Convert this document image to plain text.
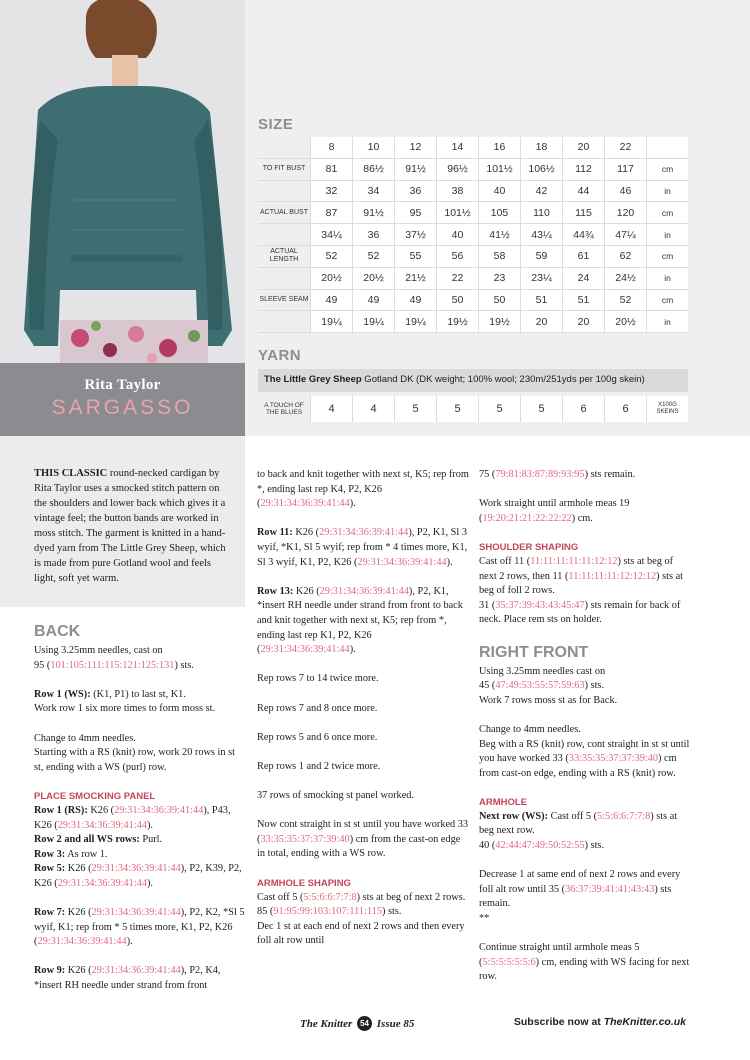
Rita Taylor
SARGASSO
SIZE
8	10	12	14	16	18	20	22
TO FIT BUST	81	86½	91½	96½	101½	106½	112	117	cm
32	34	36	38	40	42	44	46	in
ACTUAL BUST	87	91½	95	101½	105	110	115	120	cm
34¼	36	37½	40	41½	43¼	44¾	47¼	in
ACTUAL LENGTH	52	52	55	56	58	59	61	62	cm
20½	20½	21½	22	23	23¼	24	24½	in
SLEEVE SEAM	49	49	49	50	50	51	51	52	cm
19¼	19¼	19¼	19½	19½	20	20	20½	in
YARN
The Little Grey Sheep Gotland DK (DK weight; 100% wool; 230m/251yds per 100g skein)
A TOUCH OF THE BLUES	4	4	5	5	5	5	6	6	X100G SKEINS
THIS CLASSIC round-necked cardigan by Rita Taylor uses a smocked stitch pattern on the shoulders and lower back which gives it a vintage feel; the button bands are worked in moss stitch. The garment is knitted in a hand-dyed yarn from The Little Grey Sheep, which is made from pure Gotland wool and feels light, soft yet warm.
BACK

Using 3.25mm needles, cast on
95 (101:105:111:115:121:125:131) sts.

Row 1 (WS): (K1, P1) to last st, K1.
Work row 1 six more times to form moss st.

Change to 4mm needles.
Starting with a RS (knit) row, work 20 rows in st st, ending with a WS (purl) row.

PLACE SMOCKING PANEL

Row 1 (RS): K26 (29:31:34:36:39:41:44), P43, K26 (29:31:34:36:39:41:44).

Row 2 and all WS rows: Purl.

Row 3: As row 1.

Row 5: K26 (29:31:34:36:39:41:44), P2, K39, P2, K26 (29:31:34:36:39:41:44).

Row 7: K26 (29:31:34:36:39:41:44), P2, K2, *Sl 5 wyif, K1; rep from * 5 times more, K1, P2, K26 (29:31:34:36:39:41:44).

Row 9: K26 (29:31:34:36:39:41:44), P2, K4, *insert RH needle under strand from front

to back and knit together with next st, K5; rep from *, ending last rep K4, P2, K26 (29:31:34:36:39:41:44).

Row 11: K26 (29:31:34:36:39:41:44), P2, K1, Sl 3 wyif, *K1, Sl 5 wyif; rep from * 4 times more, K1, Sl 3 wyif, K1, P2, K26 (29:31:34:36:39:41:44).

Row 13: K26 (29:31:34:36:39:41:44), P2, K1, *insert RH needle under strand from front to back and knit together with next st, K5; rep from *, ending last rep K1, P2, K26 (29:31:34:36:39:41:44).

Rep rows 7 to 14 twice more.

Rep rows 7 and 8 once more.

Rep rows 5 and 6 once more.

Rep rows 1 and 2 twice more.

37 rows of smocking st panel worked.

Now cont straight in st st until you have worked 33 (33:35:35:37:37:39:40) cm from the cast-on edge in total, ending with a WS row.

ARMHOLE SHAPING

Cast off 5 (5:5:6:6:7:7:8) sts at beg of next 2 rows.

85 (91:95:99:103:107:111:115) sts.

Dec 1 st at each end of next 2 rows and then every foll alt row until

75 (79:81:83:87:89:93:95) sts remain.

Work straight until armhole meas 19 (19:20:21:21:22:22:22) cm.

SHOULDER SHAPING

Cast off 11 (11:11:11:11:11:12:12) sts at beg of next 2 rows, then 11 (11:11:11:11:12:12:12) sts at beg of foll 2 rows.

31 (35:37:39:43:43:45:47) sts remain for back of neck. Place rem sts on holder.

RIGHT FRONT

Using 3.25mm needles cast on
45 (47:49:53:55:57:59:63) sts.
Work 7 rows moss st as for Back.

Change to 4mm needles.
Beg with a RS (knit) row, cont straight in st st until you have worked 33 (33:35:35:37:37:39:40) cm from cast-on edge, ending with a RS (knit) row.

ARMHOLE

Next row (WS): Cast off 5 (5:5:6:6:7:7:8) sts at beg next row.

40 (42:44:47:49:50:52:55) sts.

Decrease 1 at same end of next 2 rows and every foll alt row until 35 (36:37:39:41:41:43:43) sts remain.

**

Continue straight until armhole meas 5 (5:5:5:5:5:5:6) cm, ending with WS facing for next row.

The Knitter 54 Issue 85	Subscribe now at TheKnitter.co.uk
